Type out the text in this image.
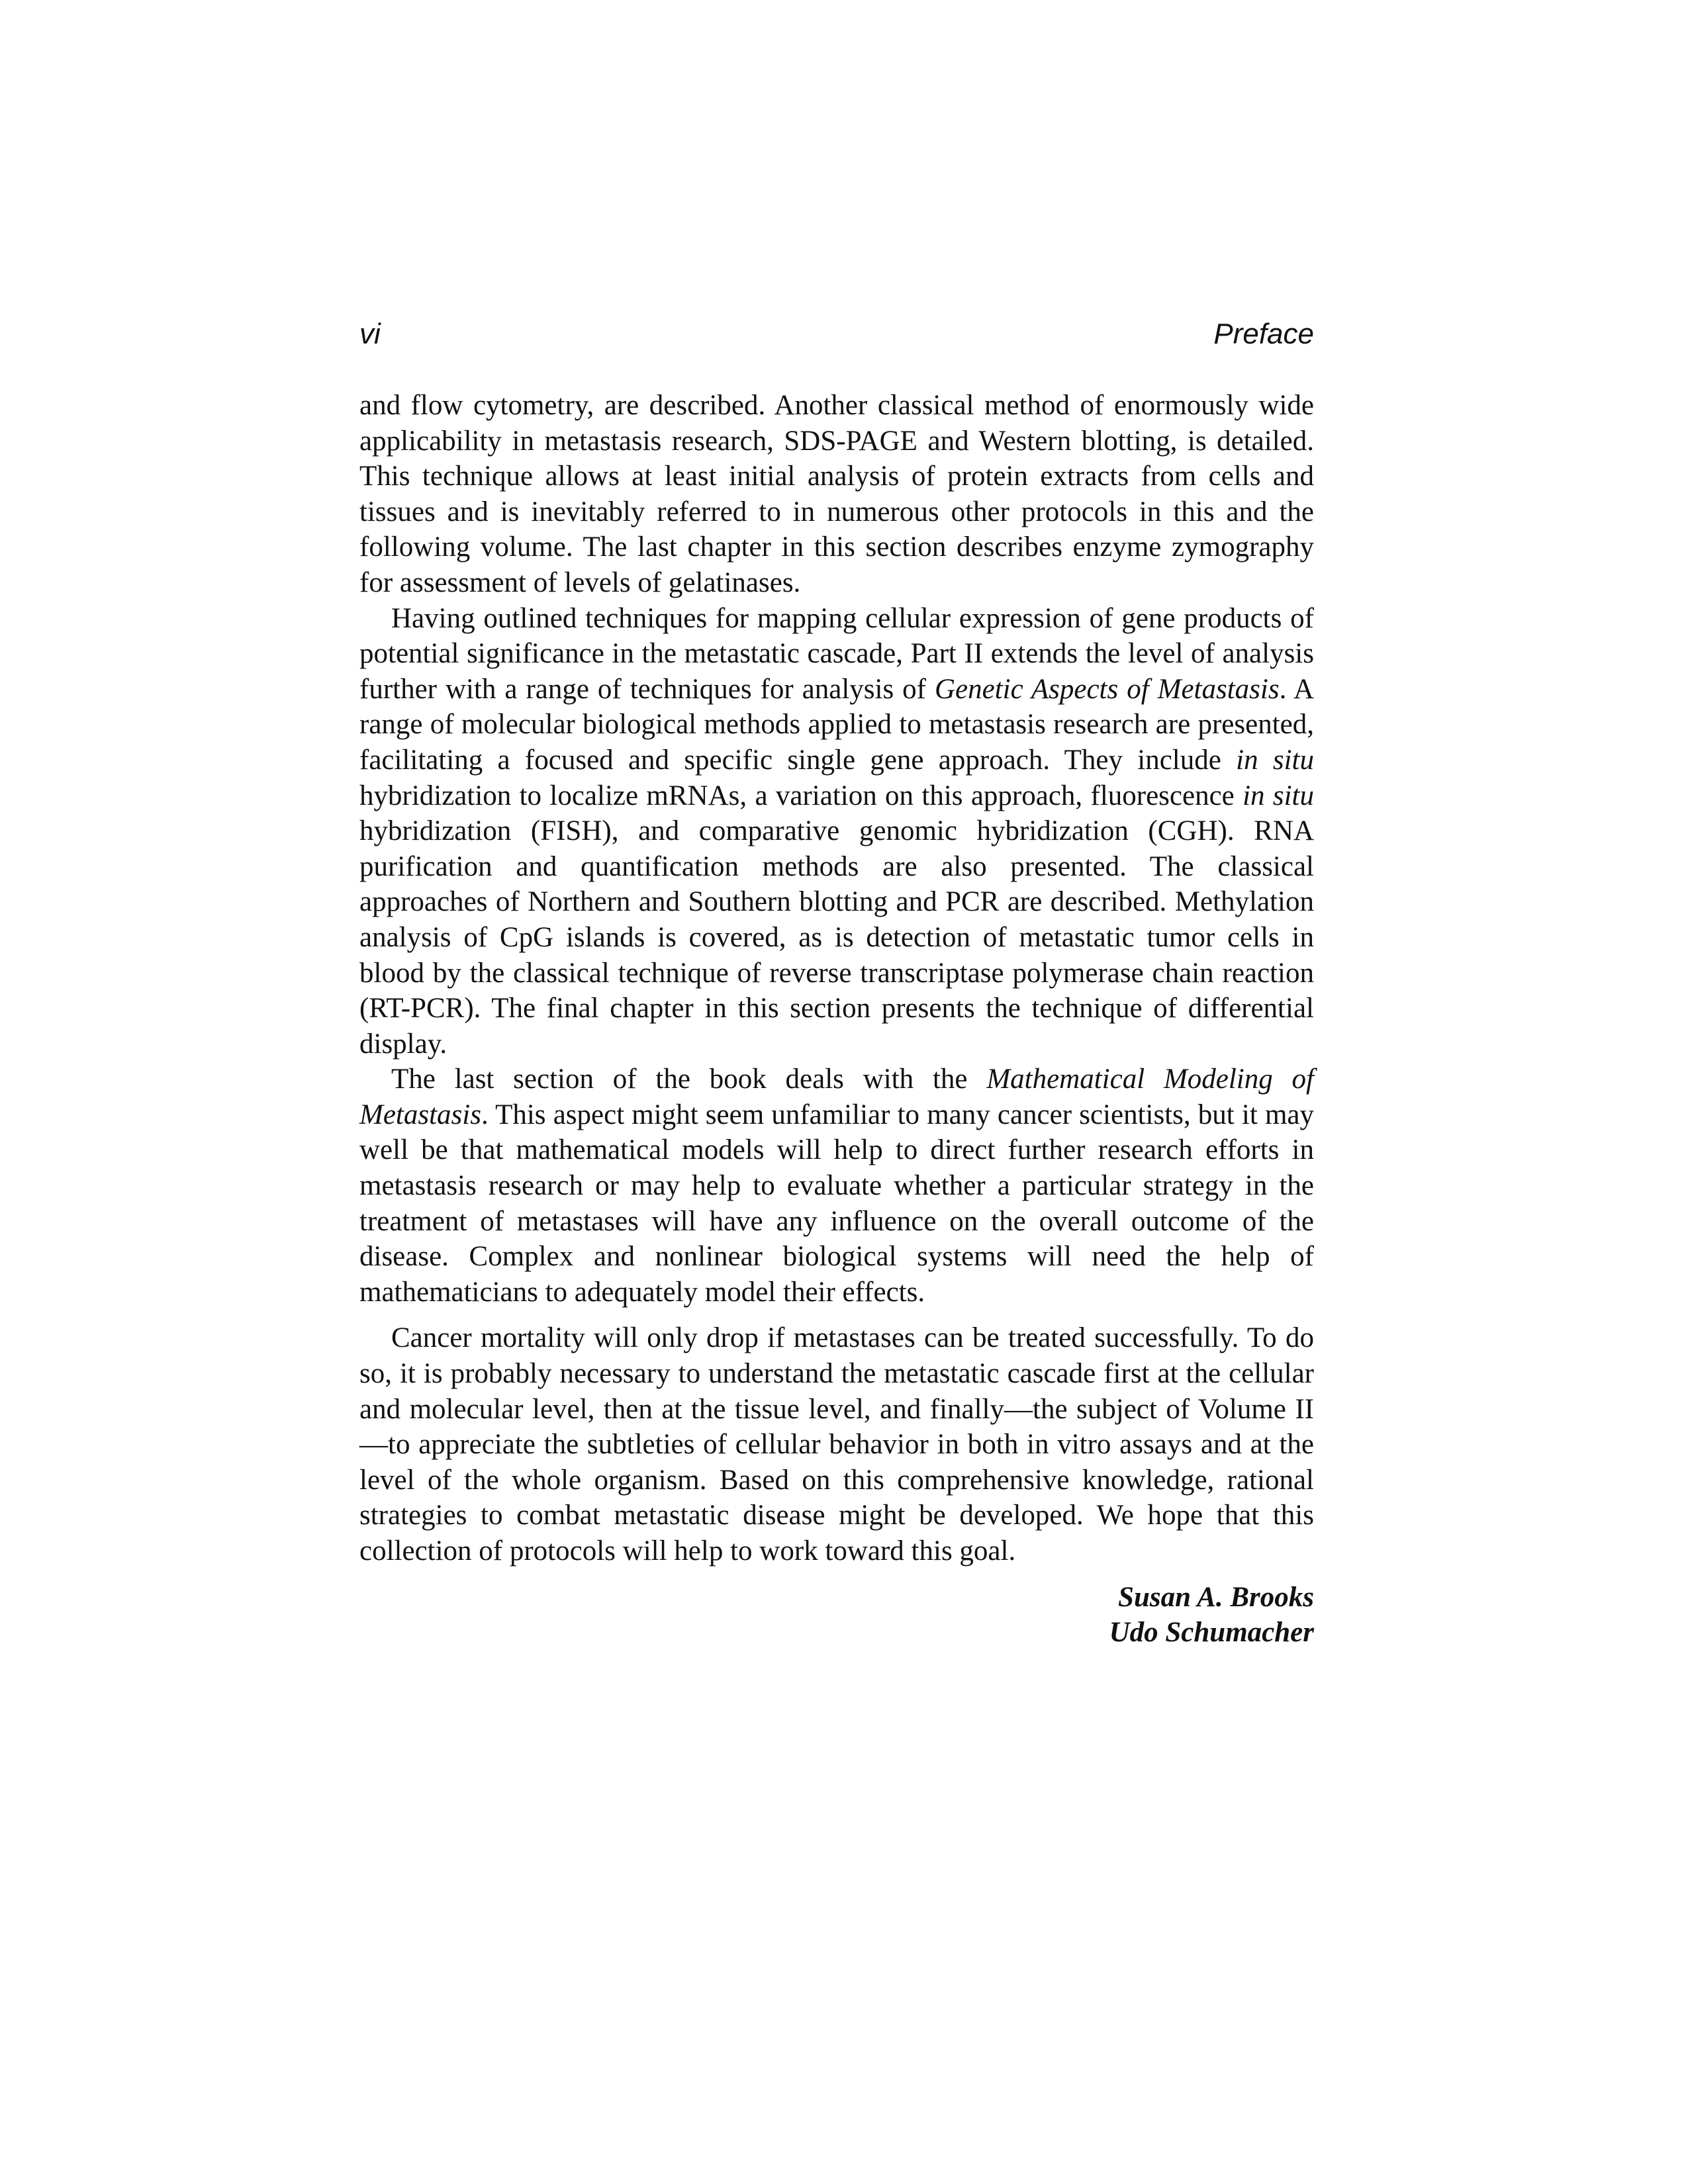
vi	Preface

and flow cytometry, are described. Another classical method of enormously wide applicability in metastasis research, SDS-PAGE and Western blotting, is detailed. This technique allows at least initial analysis of protein extracts from cells and tissues and is inevitably referred to in numerous other protocols in this and the following volume. The last chapter in this section describes enzyme zymography for assessment of levels of gelatinases.

Having outlined techniques for mapping cellular expression of gene products of potential significance in the metastatic cascade, Part II extends the level of analysis further with a range of techniques for analysis of Genetic Aspects of Metastasis. A range of molecular biological methods applied to metastasis research are presented, facilitating a focused and specific single gene approach. They include in situ hybridization to localize mRNAs, a variation on this approach, fluorescence in situ hybridization (FISH), and comparative genomic hybridization (CGH). RNA purification and quantification methods are also presented. The classical approaches of Northern and Southern blotting and PCR are described. Methylation analysis of CpG islands is covered, as is detection of metastatic tumor cells in blood by the classical technique of reverse transcriptase polymerase chain reaction (RT-PCR). The final chapter in this section presents the technique of differential display.

The last section of the book deals with the Mathematical Modeling of Metastasis. This aspect might seem unfamiliar to many cancer scientists, but it may well be that mathematical models will help to direct further research efforts in metastasis research or may help to evaluate whether a particular strategy in the treatment of metastases will have any influence on the overall outcome of the disease. Complex and nonlinear biological systems will need the help of mathematicians to adequately model their effects.

Cancer mortality will only drop if metastases can be treated successfully. To do so, it is probably necessary to understand the metastatic cascade first at the cellular and molecular level, then at the tissue level, and finally—the subject of Volume II—to appreciate the subtleties of cellular behavior in both in vitro assays and at the level of the whole organism. Based on this comprehensive knowledge, rational strategies to combat metastatic disease might be developed. We hope that this collection of protocols will help to work toward this goal.

Susan A. Brooks
Udo Schumacher
